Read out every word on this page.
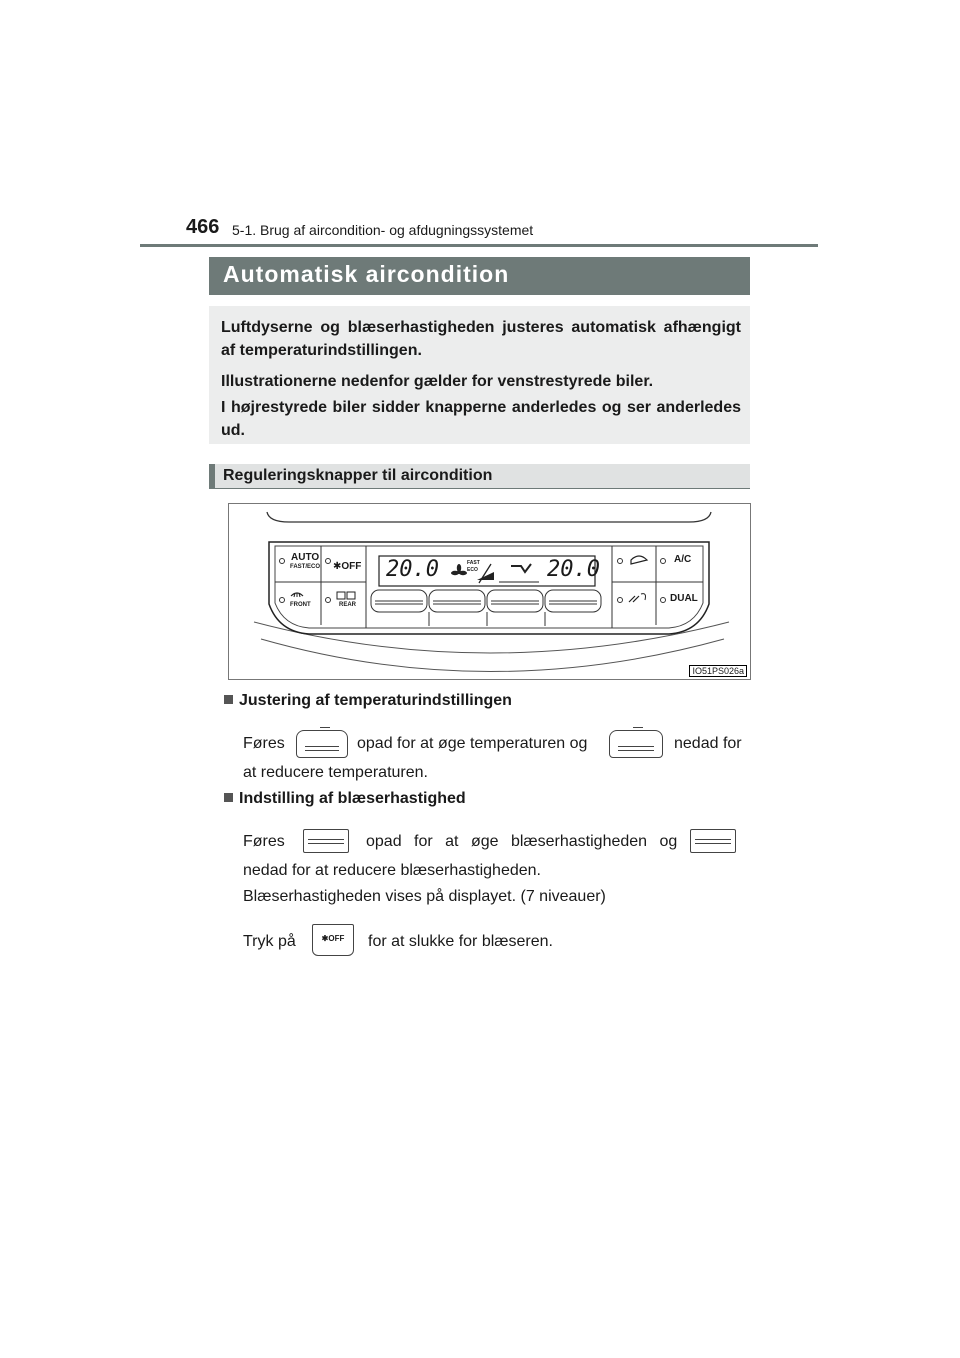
466 5-1. Brug af aircondition- og afdugningssystemet
Automatisk aircondition

Luftdyserne og blæserhastigheden justeres automatisk afhængigt af temperaturindstillingen.

Illustrationerne nedenfor gælder for venstrestyrede biler.

I højrestyrede biler sidder knapperne anderledes og ser anderledes ud.

Reguleringsknapper til aircondition
AUTO
FAST/ECO ✱OFF
FRONT	REAR
A/C
DUAL
20.0	20.0
FAST
ECO
IO51PS026a
Justering af temperaturindstillingen
Føres	opad for at øge temperaturen og	nedad for
at reducere temperaturen.
Indstilling af blæserhastighed
Føres	opad for at øge blæserhastigheden og
nedad for at reducere blæserhastigheden.
Blæserhastigheden vises på displayet. (7 niveauer)
Tryk på	✱OFF	for at slukke for blæseren.
